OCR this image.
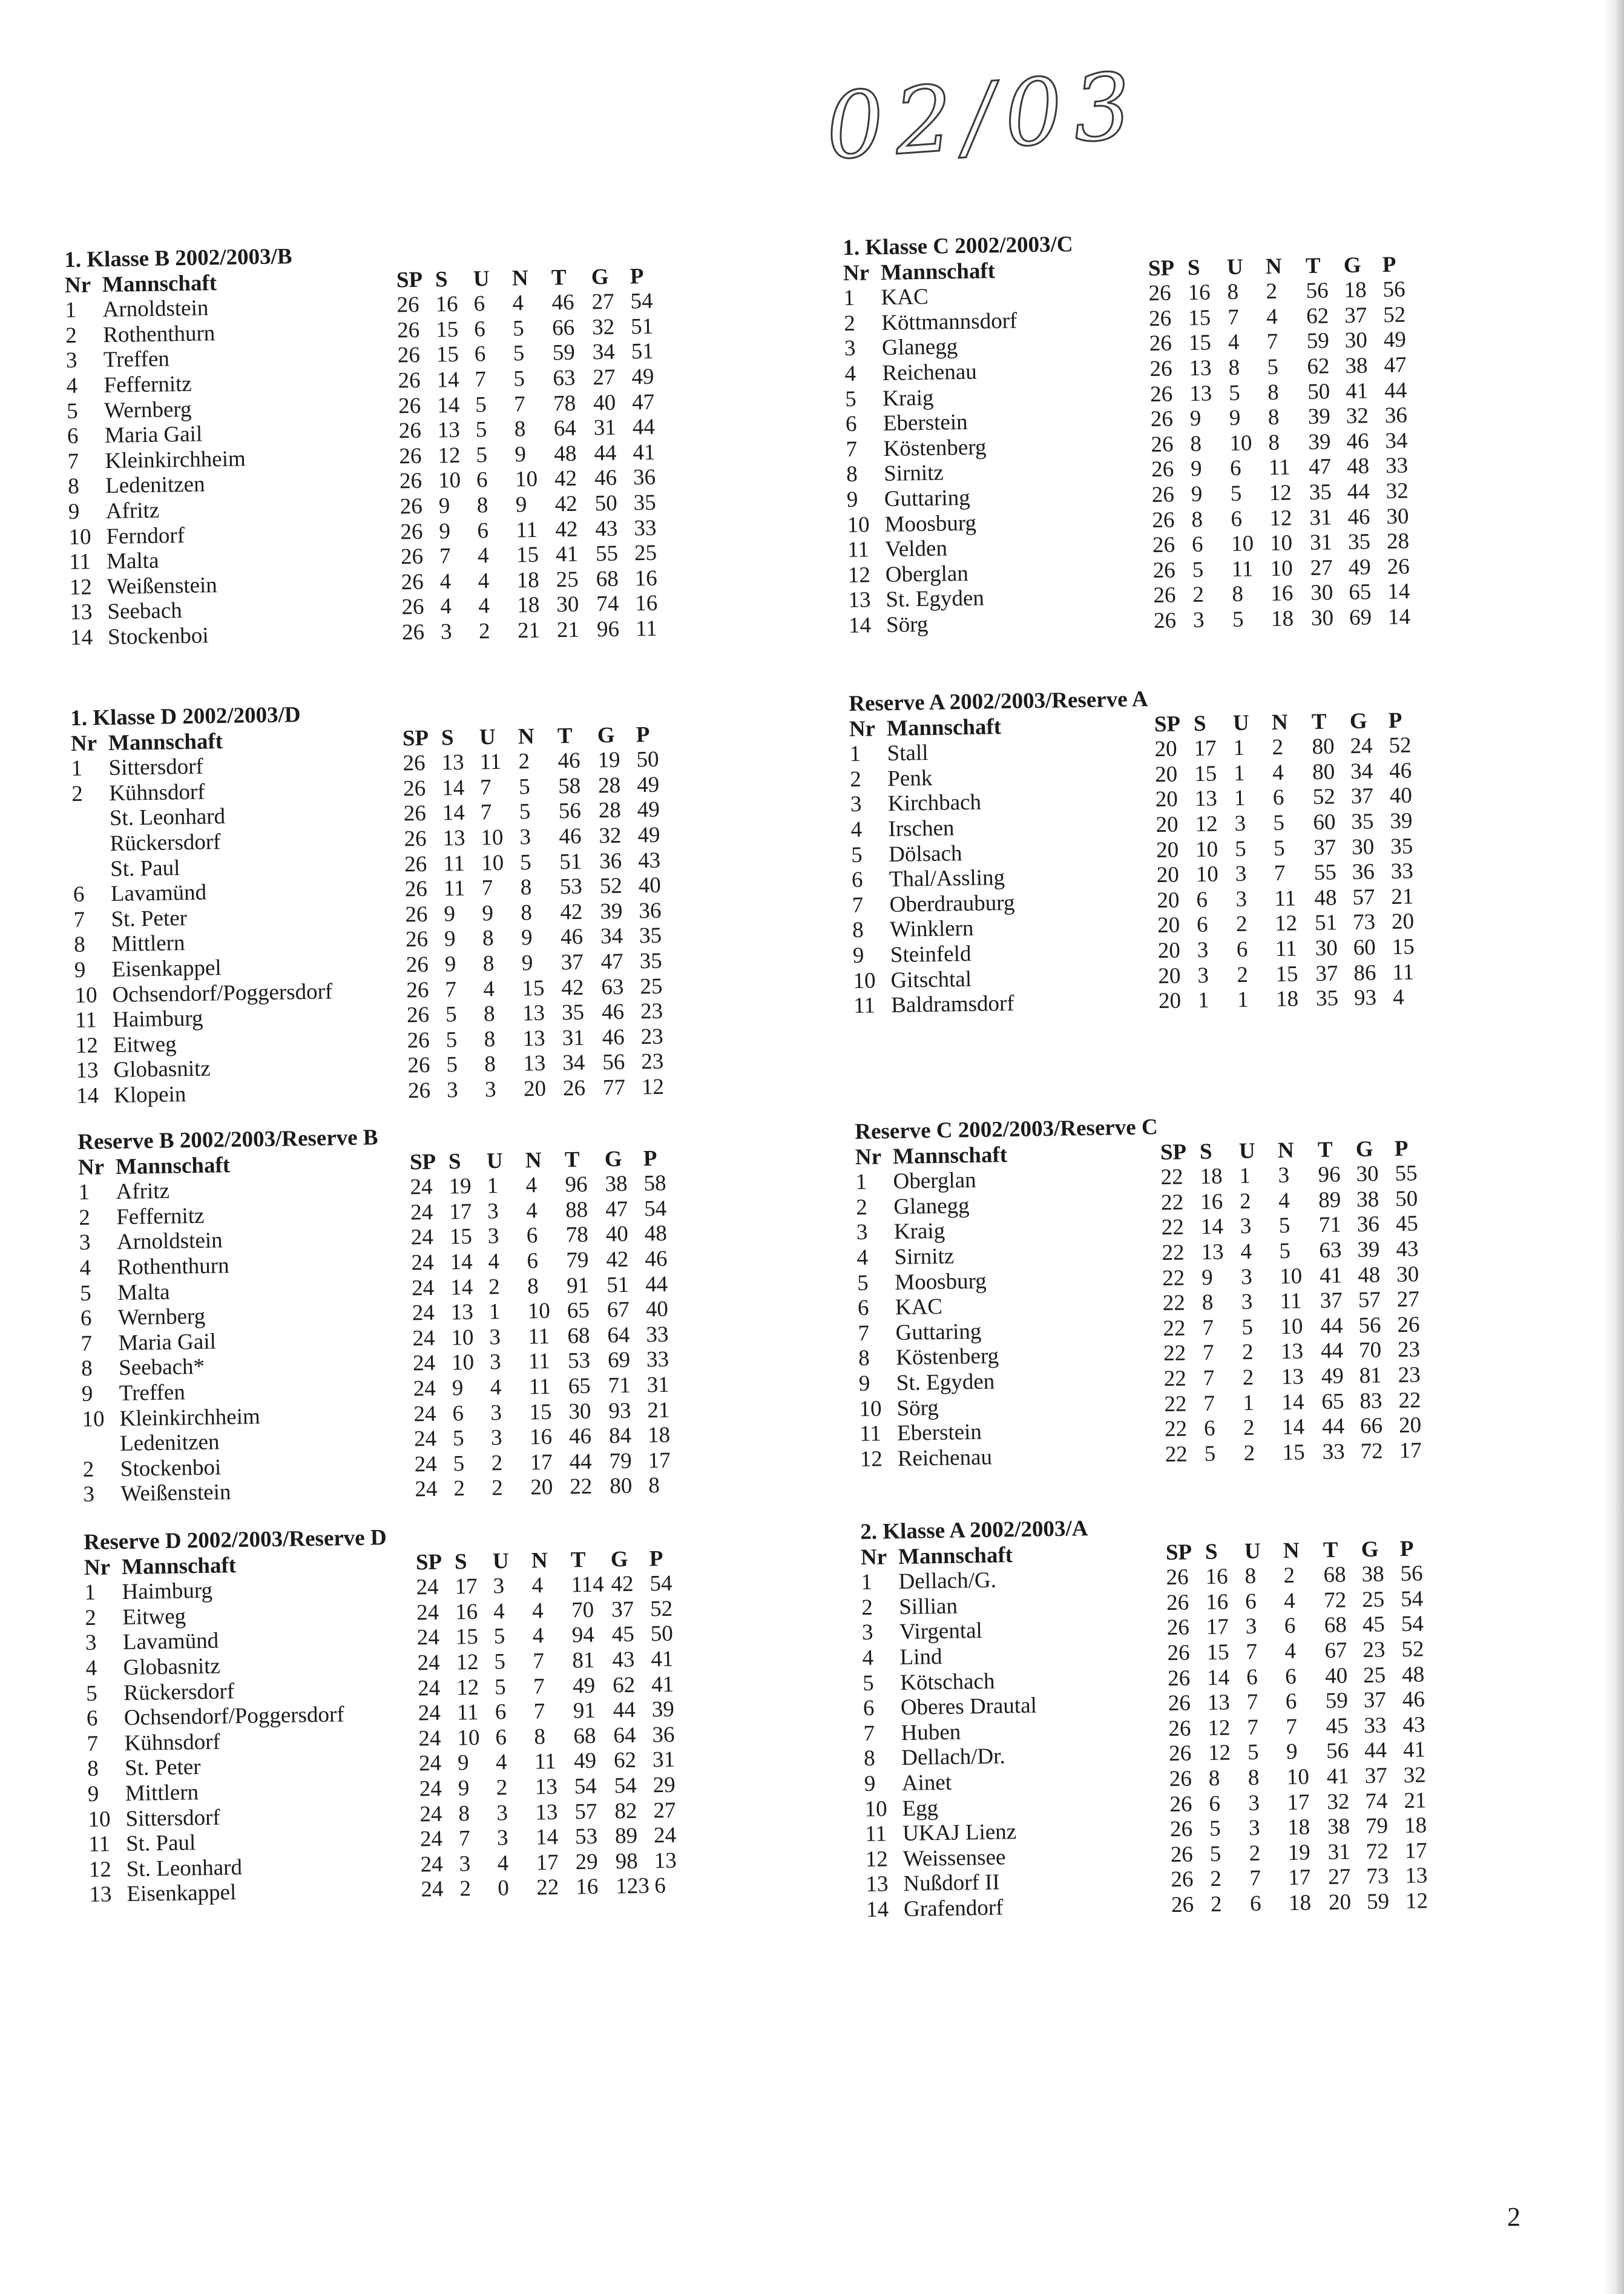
02/03
1. Klasse B 2002/2003/B
Nr Mannschaft	SP S U N T G P
1 Arnoldstein	26 16 6 4 46 27 54
2 Rothenthurn	26 15 6 5 66 32 51
3 Treffen	26 15 6 5 59 34 51
4 Feffernitz	26 14 7 5 63 27 49
5 Wernberg	26 14 5 7 78 40 47
6 Maria Gail	26 13 5 8 64 31 44
7 Kleinkirchheim	26 12 5 9 48 44 41
8 Ledenitzen	26 10 6 10 42 46 36
9 Afritz	26 9 8 9 42 50 35
10 Ferndorf	26 9 6 11 42 43 33
11 Malta	26 7 4 15 41 55 25
12 Weißenstein	26 4 4 18 25 68 16
13 Seebach	26 4 4 18 30 74 16
14 Stockenboi	26 3 2 21 21 96 11
1. Klasse D 2002/2003/D
Nr Mannschaft	SP S U N T G P
1 Sittersdorf	26 13 11 2 46 19 50
2 Kühnsdorf	26 14 7 5 58 28 49
St. Leonhard	26 14 7 5 56 28 49
Rückersdorf	26 13 10 3 46 32 49
St. Paul	26 11 10 5 51 36 43
6 Lavamünd	26 11 7 8 53 52 40
7 St. Peter	26 9 9 8 42 39 36
8 Mittlern	26 9 8 9 46 34 35
9 Eisenkappel	26 9 8 9 37 47 35
10 Ochsendorf/Poggersdorf	26 7 4 15 42 63 25
11 Haimburg	26 5 8 13 35 46 23
12 Eitweg	26 5 8 13 31 46 23
13 Globasnitz	26 5 8 13 34 56 23
14 Klopein	26 3 3 20 26 77 12
Reserve B 2002/2003/Reserve B
Nr Mannschaft	SP S U N T G P
1 Afritz	24 19 1 4 96 38 58
2 Feffernitz	24 17 3 4 88 47 54
3 Arnoldstein	24 15 3 6 78 40 48
4 Rothenthurn	24 14 4 6 79 42 46
5 Malta	24 14 2 8 91 51 44
6 Wernberg	24 13 1 10 65 67 40
7 Maria Gail	24 10 3 11 68 64 33
8 Seebach*	24 10 3 11 53 69 33
9 Treffen	24 9 4 11 65 71 31
10 Kleinkirchheim	24 6 3 15 30 93 21
Ledenitzen	24 5 3 16 46 84 18
2 Stockenboi	24 5 2 17 44 79 17
3 Weißenstein	24 2 2 20 22 80 8
Reserve D 2002/2003/Reserve D
Nr Mannschaft	SP S U N T G P
1 Haimburg	24 17 3 4 114 42 54
2 Eitweg	24 16 4 4 70 37 52
3 Lavamünd	24 15 5 4 94 45 50
4 Globasnitz	24 12 5 7 81 43 41
5 Rückersdorf	24 12 5 7 49 62 41
6 Ochsendorf/Poggersdorf	24 11 6 7 91 44 39
7 Kühnsdorf	24 10 6 8 68 64 36
8 St. Peter	24 9 4 11 49 62 31
9 Mittlern	24 9 2 13 54 54 29
10 Sittersdorf	24 8 3 13 57 82 27
11 St. Paul	24 7 3 14 53 89 24
12 St. Leonhard	24 3 4 17 29 98 13
13 Eisenkappel	24 2 0 22 16 123 6
1. Klasse C 2002/2003/C
Nr Mannschaft	SP S U N T G P
1 KAC	26 16 8 2 56 18 56
2 Köttmannsdorf	26 15 7 4 62 37 52
3 Glanegg	26 15 4 7 59 30 49
4 Reichenau	26 13 8 5 62 38 47
5 Kraig	26 13 5 8 50 41 44
6 Eberstein	26 9 9 8 39 32 36
7 Köstenberg	26 8 10 8 39 46 34
8 Sirnitz	26 9 6 11 47 48 33
9 Guttaring	26 9 5 12 35 44 32
10 Moosburg	26 8 6 12 31 46 30
11 Velden	26 6 10 10 31 35 28
12 Oberglan	26 5 11 10 27 49 26
13 St. Egyden	26 2 8 16 30 65 14
14 Sörg	26 3 5 18 30 69 14
Reserve A 2002/2003/Reserve A
Nr Mannschaft	SP S U N T G P
1 Stall	20 17 1 2 80 24 52
2 Penk	20 15 1 4 80 34 46
3 Kirchbach	20 13 1 6 52 37 40
4 Irschen	20 12 3 5 60 35 39
5 Dölsach	20 10 5 5 37 30 35
6 Thal/Assling	20 10 3 7 55 36 33
7 Oberdrauburg	20 6 3 11 48 57 21
8 Winklern	20 6 2 12 51 73 20
9 Steinfeld	20 3 6 11 30 60 15
10 Gitschtal	20 3 2 15 37 86 11
11 Baldramsdorf	20 1 1 18 35 93 4
Reserve C 2002/2003/Reserve C
Nr Mannschaft	SP S U N T G P
1 Oberglan	22 18 1 3 96 30 55
2 Glanegg	22 16 2 4 89 38 50
3 Kraig	22 14 3 5 71 36 45
4 Sirnitz	22 13 4 5 63 39 43
5 Moosburg	22 9 3 10 41 48 30
6 KAC	22 8 3 11 37 57 27
7 Guttaring	22 7 5 10 44 56 26
8 Köstenberg	22 7 2 13 44 70 23
9 St. Egyden	22 7 2 13 49 81 23
10 Sörg	22 7 1 14 65 83 22
11 Eberstein	22 6 2 14 44 66 20
12 Reichenau	22 5 2 15 33 72 17
2. Klasse A 2002/2003/A
Nr Mannschaft	SP S U N T G P
1 Dellach/G.	26 16 8 2 68 38 56
2 Sillian	26 16 6 4 72 25 54
3 Virgental	26 17 3 6 68 45 54
4 Lind	26 15 7 4 67 23 52
5 Kötschach	26 14 6 6 40 25 48
6 Oberes Drautal	26 13 7 6 59 37 46
7 Huben	26 12 7 7 45 33 43
8 Dellach/Dr.	26 12 5 9 56 44 41
9 Ainet	26 8 8 10 41 37 32
10 Egg	26 6 3 17 32 74 21
11 UKAJ Lienz	26 5 3 18 38 79 18
12 Weissensee	26 5 2 19 31 72 17
13 Nußdorf II	26 2 7 17 27 73 13
14 Grafendorf	26 2 6 18 20 59 12
2
